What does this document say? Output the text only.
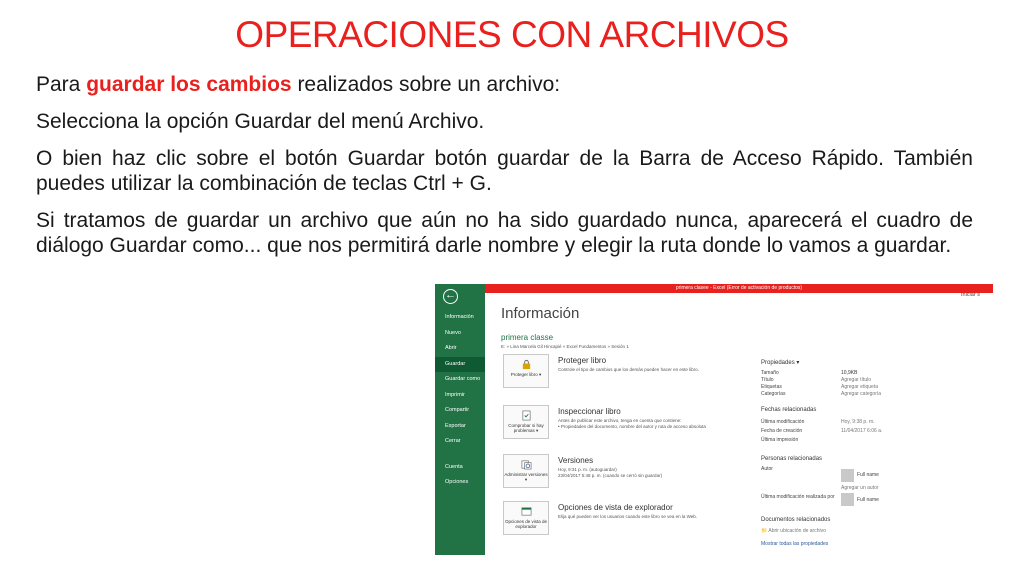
OPERACIONES CON ARCHIVOS

Para guardar los cambios realizados sobre un archivo:

Selecciona la opción Guardar del menú Archivo.

O bien haz clic sobre el botón Guardar botón guardar de la Barra de Acceso Rápido. También puedes utilizar la combinación de teclas Ctrl + G.

Si tratamos de guardar un archivo que aún no ha sido guardado nunca, aparecerá el cuadro de diálogo Guardar como... que nos permitirá darle nombre y elegir la ruta donde lo vamos a guardar.

←
Información
Nuevo
Abrir
Guardar
Guardar como
Imprimir
Compartir
Exportar
Cerrar
Cuenta
Opciones
primera clasee - Excel (Error de activación de productos)
Iniciar s
Información
primera classe
E: » Lina Marcela Gil Hincapié » Excel Fundamentos » Sesión 1
Proteger libro ▾
Proteger libro
Controle el tipo de cambios que los demás pueden hacer en este libro.
Comprobar si hay problemas ▾
Inspeccionar libro
Antes de publicar este archivo, tenga en cuenta que contiene:
• Propiedades del documento, nombre del autor y ruta de acceso absoluta
Administrar versiones ▾
Versiones
Hoy, 9:31 p. m. (autoguardar)
23/04/2017 5:48 p. m. (cuando se cerró sin guardar)
Opciones de vista de explorador
Opciones de vista de explorador
Elija qué pueden ver los usuarios cuando este libro se vea en la Web.
Propiedades ▾
Tamaño	10,9KB
Título	Agregar título
Etiquetas	Agregar etiqueta
Categorías	Agregar categoría
Fechas relacionadas
Última modificación	Hoy, 9:38 p. m.
Fecha de creación	11/04/2017 6:06 a.
Última impresión
Personas relacionadas
Autor
Full name
Agregar un autor
Última modificación realizada por	Full name
Documentos relacionados
📁 Abrir ubicación de archivo
Mostrar todas las propiedades
